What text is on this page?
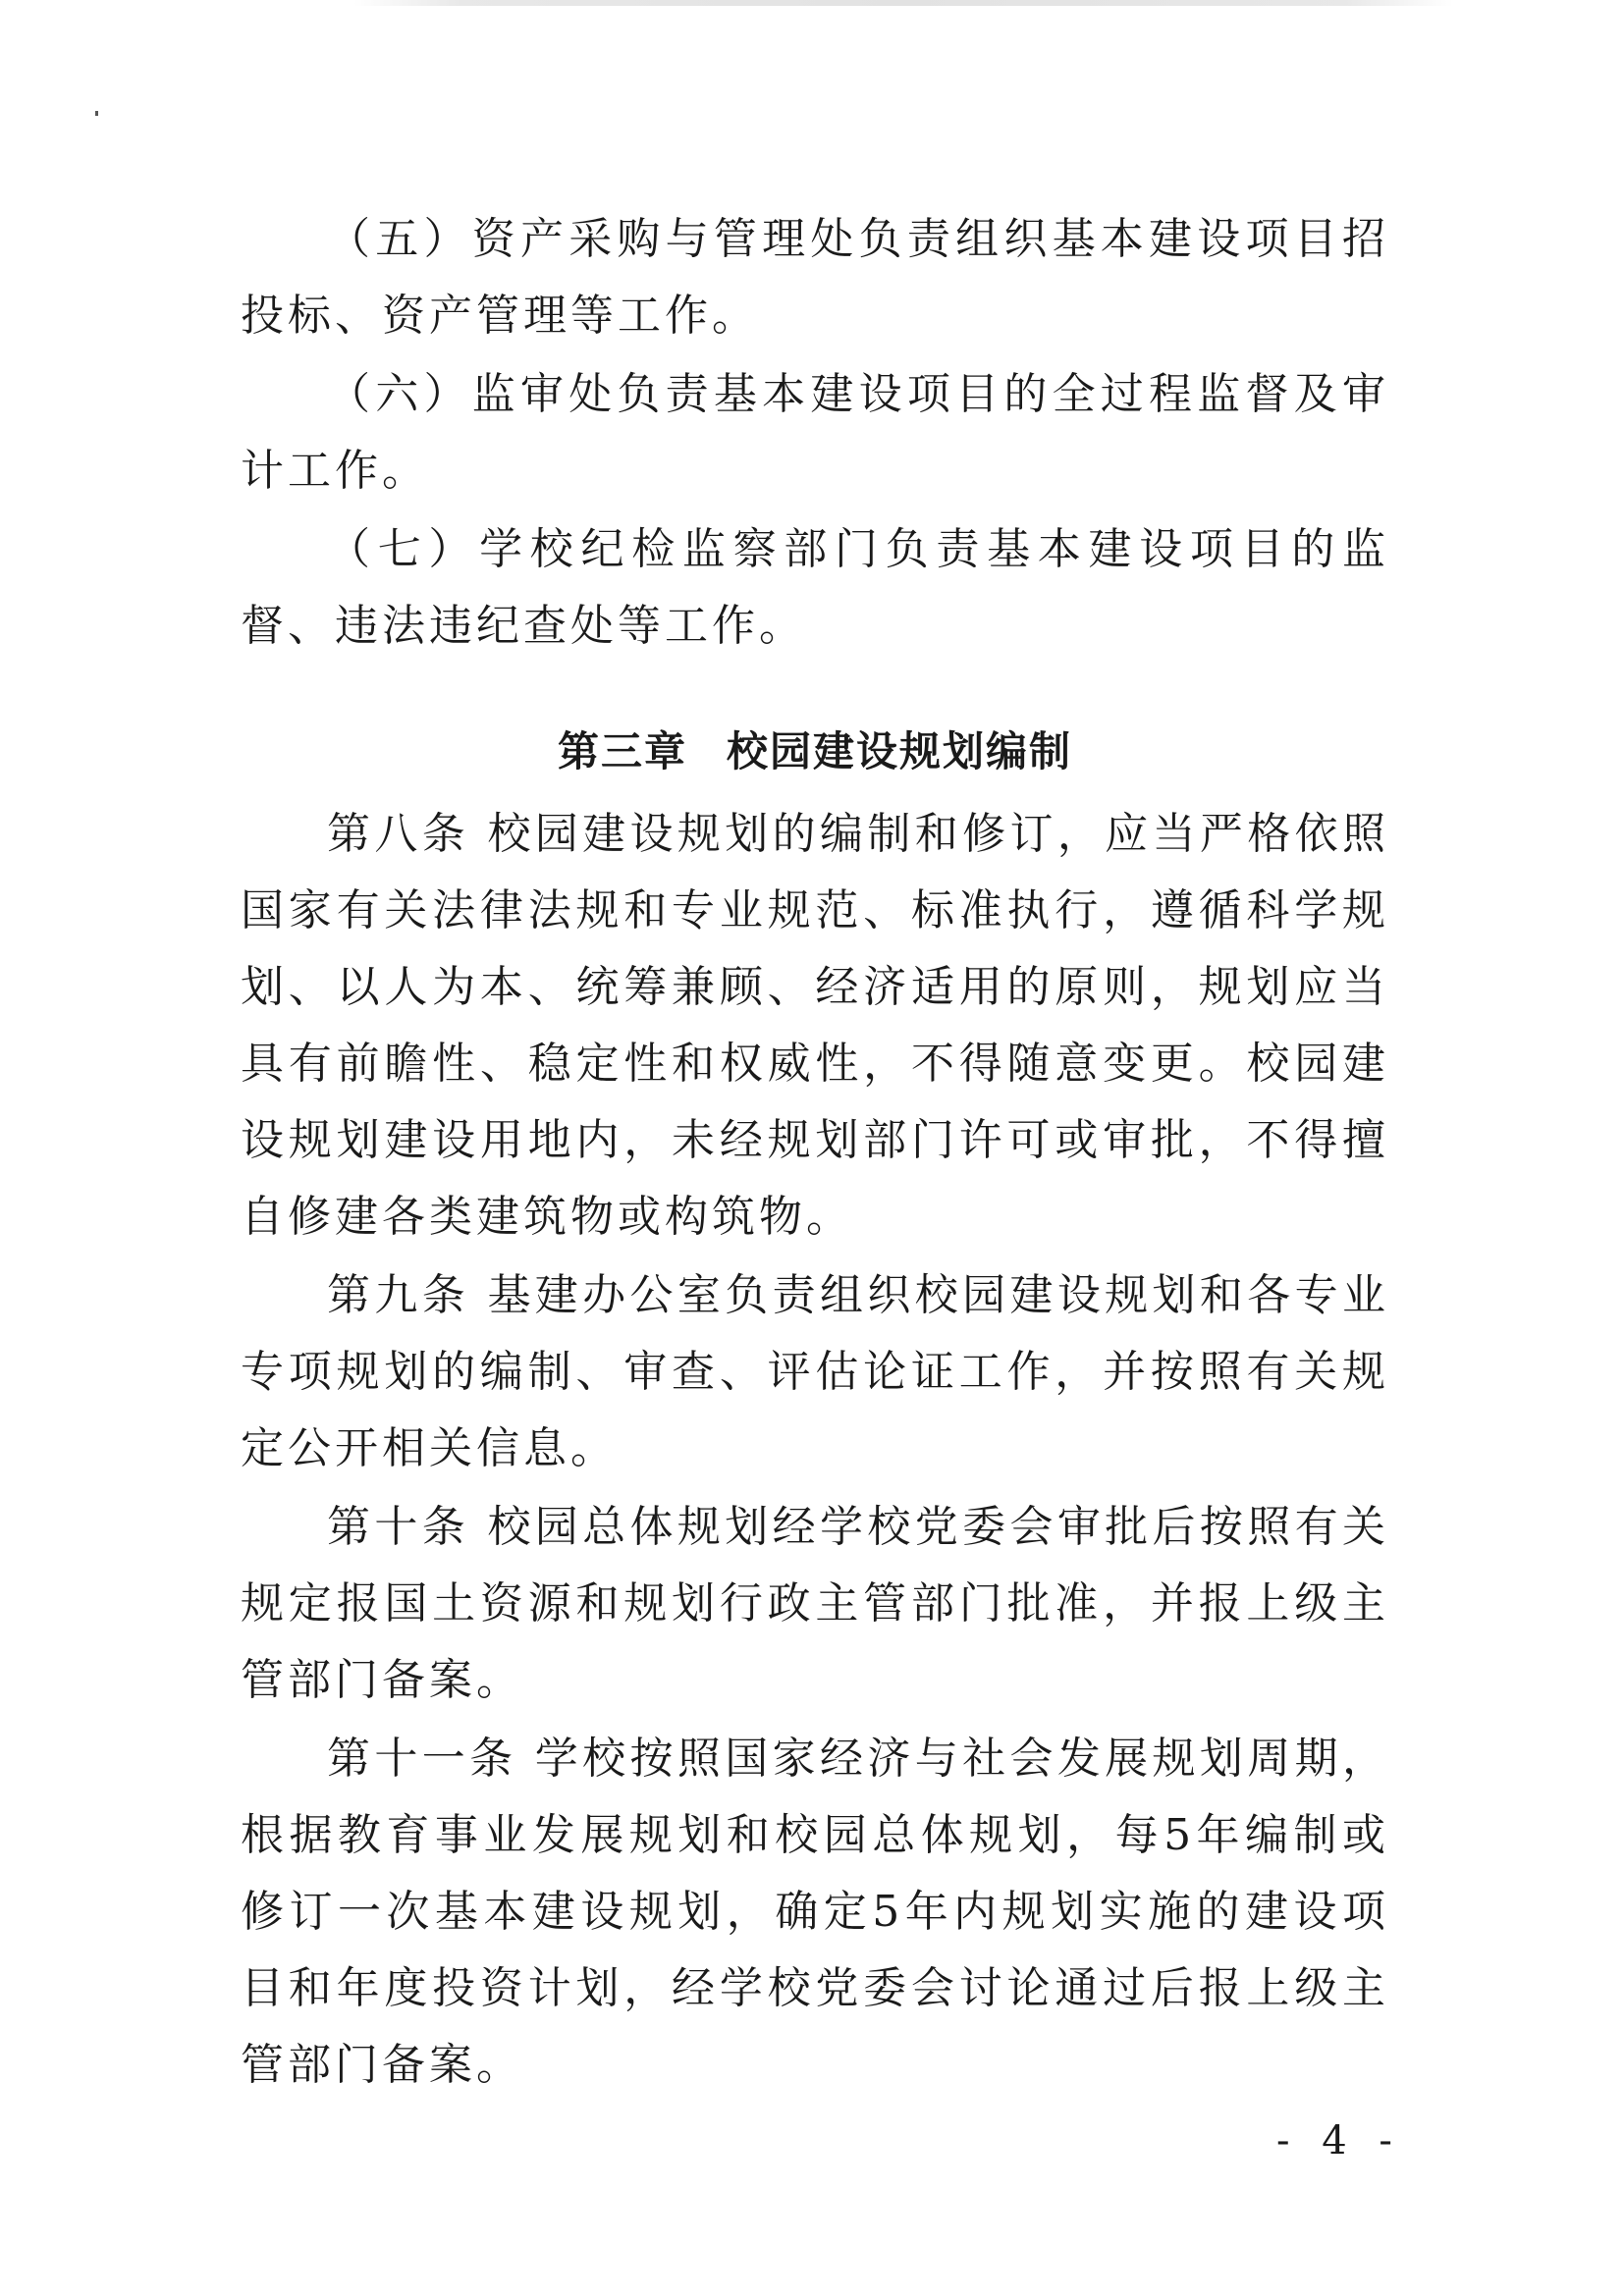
（五）资产采购与管理处负责组织基本建设项目招投标、资产管理等工作。

（六）监审处负责基本建设项目的全过程监督及审计工作。

（七）学校纪检监察部门负责基本建设项目的监督、违法违纪查处等工作。

第三章 校园建设规划编制

第八条 校园建设规划的编制和修订，应当严格依照国家有关法律法规和专业规范、标准执行，遵循科学规划、以人为本、统筹兼顾、经济适用的原则，规划应当具有前瞻性、稳定性和权威性，不得随意变更。校园建设规划建设用地内，未经规划部门许可或审批，不得擅自修建各类建筑物或构筑物。

第九条 基建办公室负责组织校园建设规划和各专业专项规划的编制、审查、评估论证工作，并按照有关规定公开相关信息。

第十条 校园总体规划经学校党委会审批后按照有关规定报国土资源和规划行政主管部门批准，并报上级主管部门备案。

第十一条 学校按照国家经济与社会发展规划周期，根据教育事业发展规划和校园总体规划，每5年编制或修订一次基本建设规划，确定5年内规划实施的建设项目和年度投资计划，经学校党委会讨论通过后报上级主管部门备案。

- 4 -
